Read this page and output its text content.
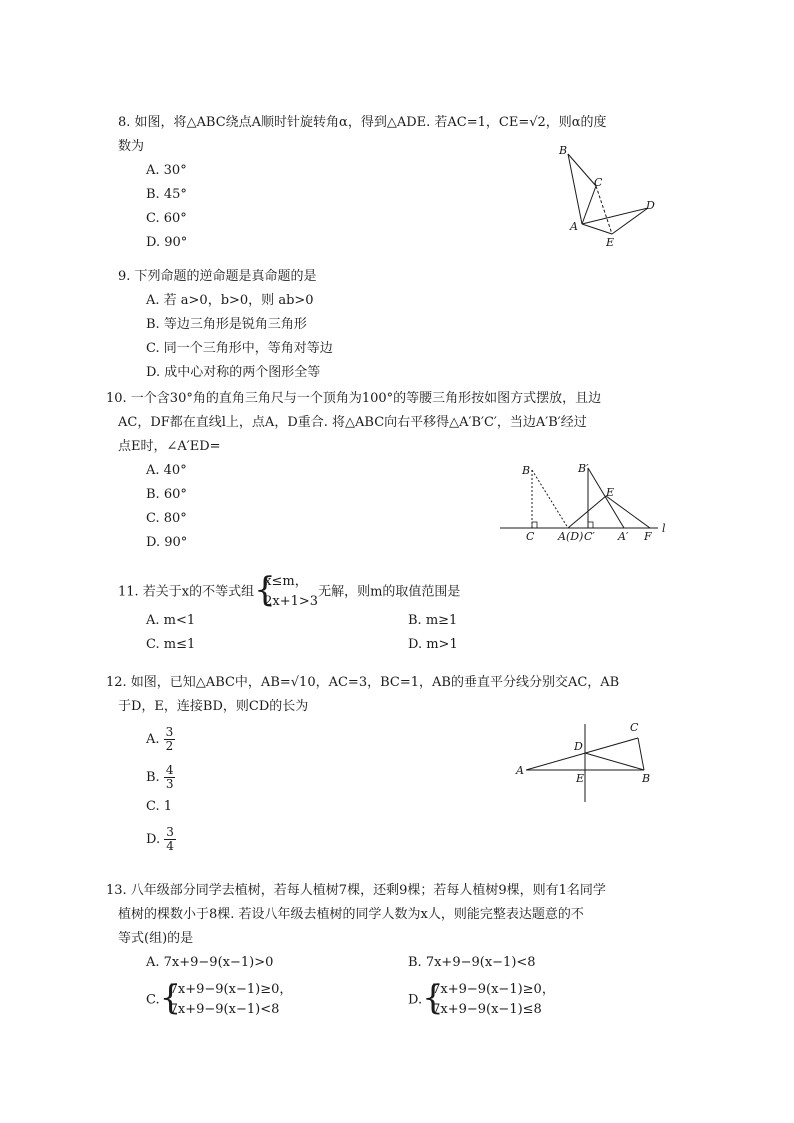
8. 如图，将△ABC绕点A顺时针旋转角α，得到△ADE. 若AC=1，CE=√2，则α的度
数为
A. 30°
B. 45°
C. 60°
D. 90°
B
C
D
A
E
9. 下列命题的逆命题是真命题的是
A. 若 a>0，b>0，则 ab>0
B. 等边三角形是锐角三角形
C. 同一个三角形中，等角对等边
D. 成中心对称的两个图形全等
10. 一个含30°角的直角三角尺与一个顶角为100°的等腰三角形按如图方式摆放，且边
AC，DF都在直线l上，点A，D重合. 将△ABC向右平移得△A′B′C′，当边A′B′经过
点E时，∠A′ED=
A. 40°
B. 60°
C. 80°
D. 90°
B	B′
E
C A(D) C′ A′ F
l
11. 若关于x的不等式组 {
x≤m，
2x+1>3
无解，则m的取值范围是
A. m<1	B. m≥1
C. m≤1	D. m>1
12. 如图，已知△ABC中，AB=√10，AC=3，BC=1，AB的垂直平分线分别交AC，AB
于D，E，连接BD，则CD的长为
A. $\frac{3}{2}$
B. $\frac{4}{3}$
C. 1
D. $\frac{3}{4}$
C
D
A
E	B
13. 八年级部分同学去植树，若每人植树7棵，还剩9棵；若每人植树9棵，则有1名同学
植树的棵数小于8棵. 若设八年级去植树的同学人数为x人，则能完整表达题意的不
等式(组)的是
A. 7x+9−9(x−1)>0	B. 7x+9−9(x−1)<8
C. {
7x+9−9(x−1)≥0，
7x+9−9(x−1)<8
D. {
7x+9−9(x−1)≥0，
7x+9−9(x−1)≤8
